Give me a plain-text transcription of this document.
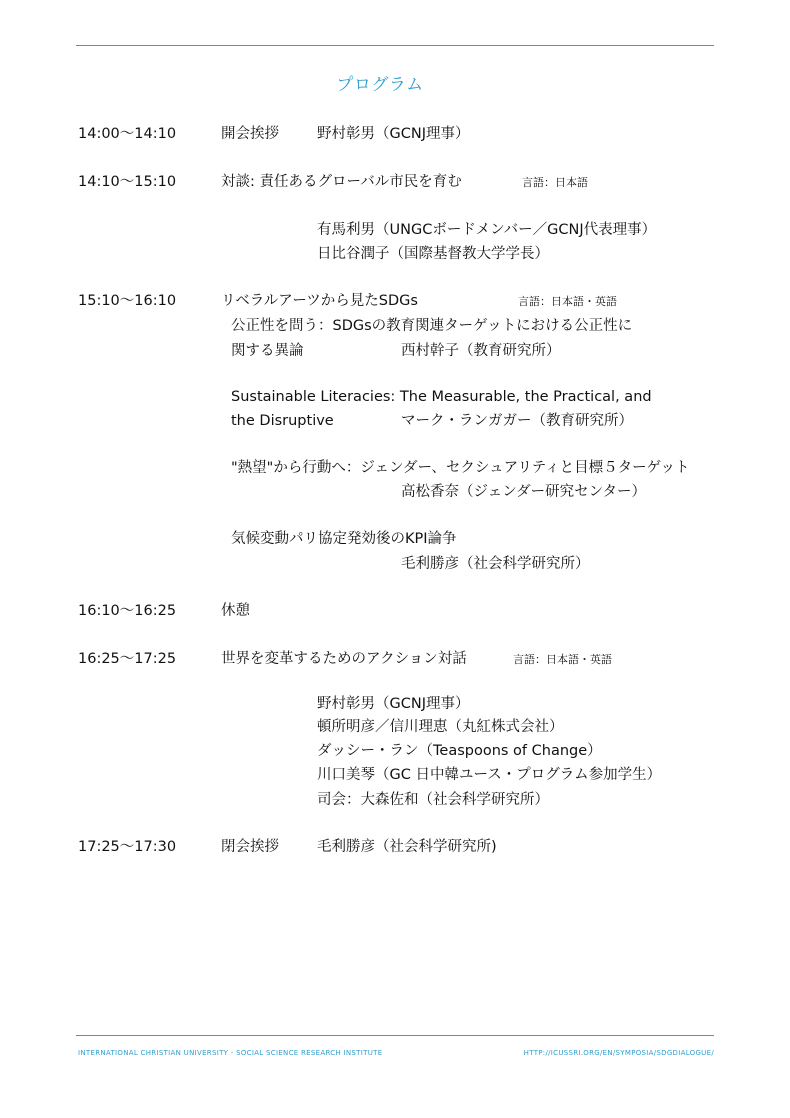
プログラム
14:00〜14:10	開会挨拶	野村彰男（GCNJ理事）
14:10〜15:10	対談: 責任あるグローバル市民を育む	言語：日本語
有馬利男（UNGCボードメンバー／GCNJ代表理事）
日比谷潤子（国際基督教大学学長）
15:10〜16:10	リベラルアーツから見たSDGs	言語：日本語・英語
公正性を問う：SDGsの教育関連ターゲットにおける公正性に
関する異論	西村幹子（教育研究所）
Sustainable Literacies: The Measurable, the Practical, and
the Disruptive	マーク・ランガガー（教育研究所）
"熱望"から行動へ：ジェンダー、セクシュアリティと目標５ターゲット
高松香奈（ジェンダー研究センター）
気候変動パリ協定発効後のKPI論争
毛利勝彦（社会科学研究所）
16:10〜16:25	休憩
16:25〜17:25	世界を変革するためのアクション対話	言語：日本語・英語
野村彰男（GCNJ理事）
頓所明彦／信川理恵（丸紅株式会社）
ダッシー・ラン（Teaspoons of Change）
川口美琴（GC 日中韓ユース・プログラム参加学生）
司会：大森佐和（社会科学研究所）
17:25〜17:30	閉会挨拶	毛利勝彦（社会科学研究所)
INTERNATIONAL CHRISTIAN UNIVERSITY - SOCIAL SCIENCE RESEARCH INSTITUTE	HTTP://ICUSSRI.ORG/EN/SYMPOSIA/SDGDIALOGUE/
